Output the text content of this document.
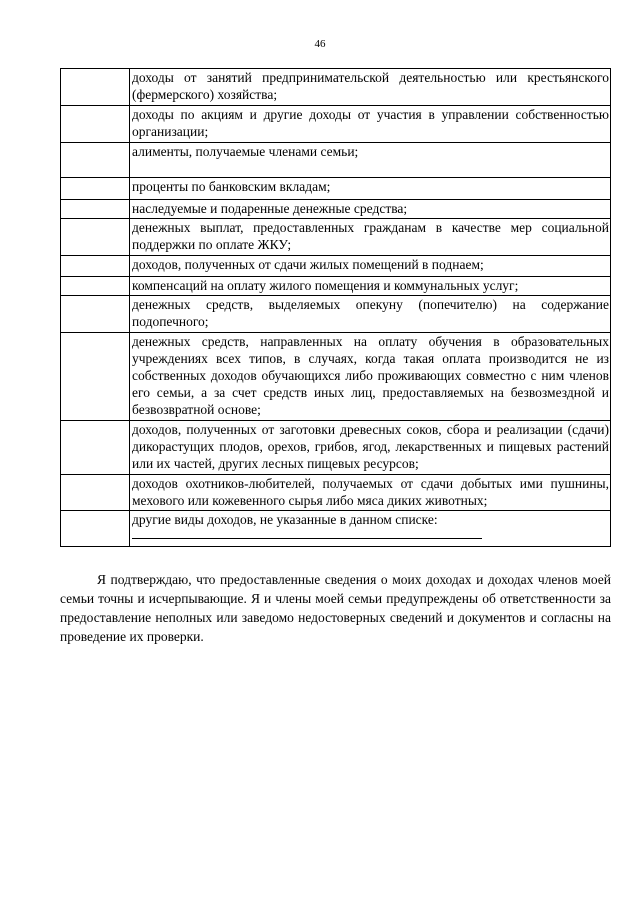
46
	доходы от занятий предпринимательской деятельностью или крестьянского (фермерского) хозяйства;
	доходы по акциям и другие доходы от участия в управлении собственностью организации;
	алименты, получаемые членами семьи;
	проценты по банковским вкладам;
	наследуемые и подаренные денежные средства;
	денежных выплат, предоставленных гражданам в качестве мер социальной поддержки по оплате ЖКУ;
	доходов, полученных от сдачи жилых помещений в поднаем;
	компенсаций на оплату жилого помещения и коммунальных услуг;
	денежных средств, выделяемых опекуну (попечителю) на содержание подопечного;
	денежных средств, направленных на оплату обучения в образовательных учреждениях всех типов, в случаях, когда такая оплата производится не из собственных доходов обучающихся либо проживающих совместно с ним членов его семьи, а за счет средств иных лиц, предоставляемых на безвозмездной и безвозвратной основе;
	доходов, полученных от заготовки древесных соков, сбора и реализации (сдачи) дикорастущих плодов, орехов, грибов, ягод, лекарственных и пищевых растений или их частей, других лесных пищевых ресурсов;
	доходов охотников-любителей, получаемых от сдачи добытых ими пушнины, мехового или кожевенного сырья либо мяса диких животных;

	другие виды доходов, не указанные в данном списке:

Я подтверждаю, что предоставленные сведения о моих доходах и доходах членов моей семьи точны и исчерпывающие. Я и члены моей семьи предупреждены об ответственности за предоставление неполных или заведомо недостоверных сведений и документов и согласны на проведение их проверки.
